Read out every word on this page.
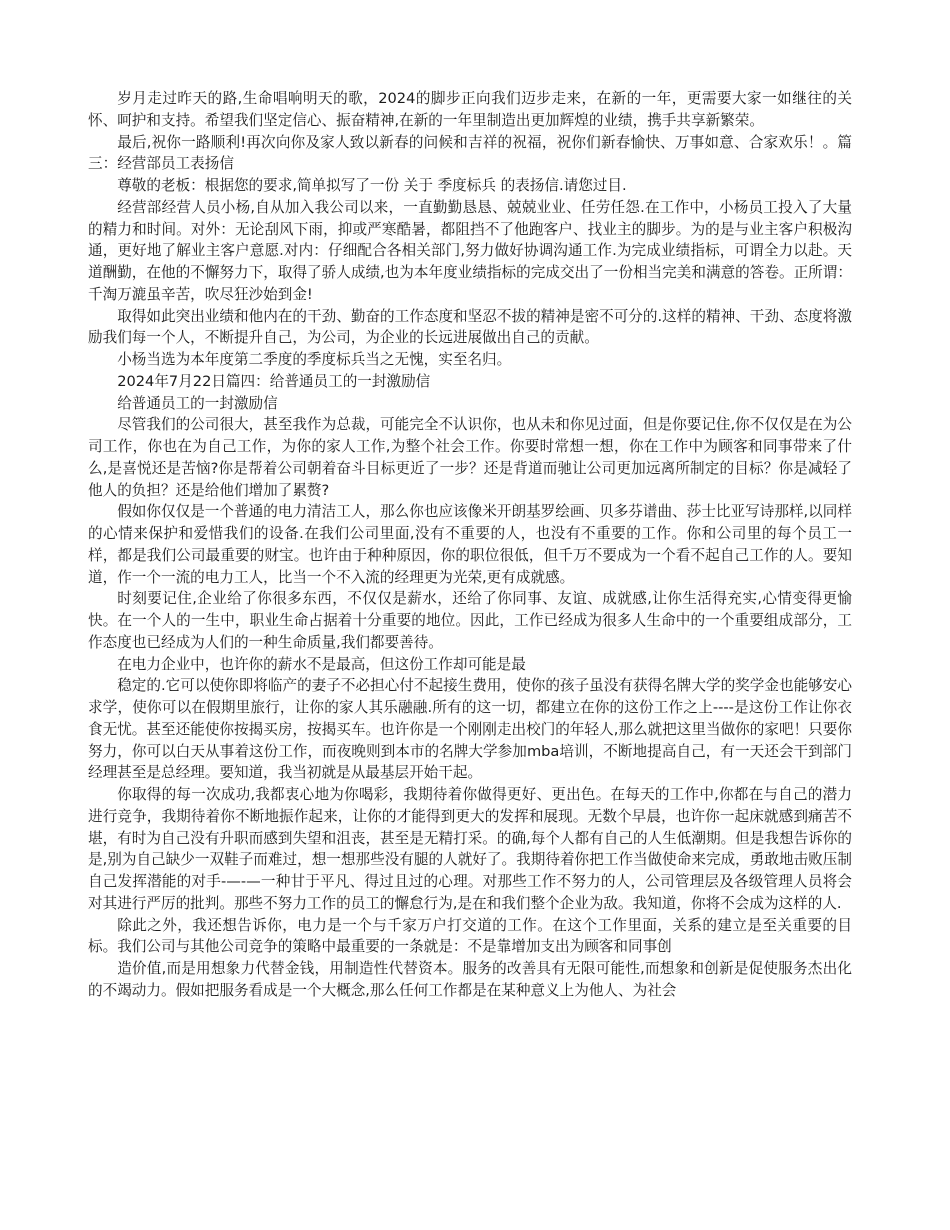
岁月走过昨天的路,生命唱响明天的歌，2024的脚步正向我们迈步走来，在新的一年，更需要大家一如继往的关怀、呵护和支持。希望我们坚定信心、振奋精神,在新的一年里制造出更加辉煌的业绩，携手共享新繁荣。

最后,祝你一路顺利!再次向你及家人致以新春的问候和吉祥的祝福，祝你们新春愉快、万事如意、合家欢乐！。篇三：经营部员工表扬信

尊敬的老板：根据您的要求,简单拟写了一份 关于 季度标兵 的表扬信.请您过目.

经营部经营人员小杨,自从加入我公司以来，一直勤勤恳恳、兢兢业业、任劳任怨.在工作中，小杨员工投入了大量的精力和时间。对外：无论刮风下雨，抑或严寒酷暑，都阻挡不了他跑客户、找业主的脚步。为的是与业主客户积极沟通，更好地了解业主客户意愿.对内：仔细配合各相关部门,努力做好协调沟通工作.为完成业绩指标，可谓全力以赴。天道酬勤，在他的不懈努力下，取得了骄人成绩,也为本年度业绩指标的完成交出了一份相当完美和满意的答卷。正所谓：千淘万漉虽辛苦，吹尽狂沙始到金!

取得如此突出业绩和他内在的干劲、勤奋的工作态度和坚忍不拔的精神是密不可分的.这样的精神、干劲、态度将激励我们每一个人，不断提升自己，为公司，为企业的长远进展做出自己的贡献。

小杨当选为本年度第二季度的季度标兵当之无愧，实至名归。

2024年7月22日篇四：给普通员工的一封激励信

给普通员工的一封激励信

尽管我们的公司很大，甚至我作为总裁，可能完全不认识你，也从未和你见过面，但是你要记住,你不仅仅是在为公司工作，你也在为自己工作，为你的家人工作,为整个社会工作。你要时常想一想，你在工作中为顾客和同事带来了什么,是喜悦还是苦恼?你是帮着公司朝着奋斗目标更近了一步？还是背道而驰让公司更加远离所制定的目标？你是减轻了他人的负担？还是给他们增加了累赘?

假如你仅仅是一个普通的电力清洁工人，那么你也应该像米开朗基罗绘画、贝多芬谱曲、莎士比亚写诗那样,以同样的心情来保护和爱惜我们的设备.在我们公司里面,没有不重要的人，也没有不重要的工作。你和公司里的每个员工一样，都是我们公司最重要的财宝。也许由于种种原因，你的职位很低，但千万不要成为一个看不起自己工作的人。要知道，作一个一流的电力工人，比当一个不入流的经理更为光荣,更有成就感。

时刻要记住,企业给了你很多东西，不仅仅是薪水，还给了你同事、友谊、成就感,让你生活得充实,心情变得更愉快。在一个人的一生中，职业生命占据着十分重要的地位。因此，工作已经成为很多人生命中的一个重要组成部分，工作态度也已经成为人们的一种生命质量,我们都要善待。

在电力企业中，也许你的薪水不是最高，但这份工作却可能是最

稳定的.它可以使你即将临产的妻子不必担心付不起接生费用，使你的孩子虽没有获得名牌大学的奖学金也能够安心求学，使你可以在假期里旅行，让你的家人其乐融融.所有的这一切，都建立在你的这份工作之上----是这份工作让你衣食无忧。甚至还能使你按揭买房，按揭买车。也许你是一个刚刚走出校门的年轻人,那么就把这里当做你的家吧！只要你努力，你可以白天从事着这份工作，而夜晚则到本市的名牌大学参加mba培训，不断地提高自己，有一天还会干到部门经理甚至是总经理。要知道，我当初就是从最基层开始干起。

你取得的每一次成功,我都衷心地为你喝彩，我期待着你做得更好、更出色。在每天的工作中,你都在与自己的潜力进行竞争，我期待着你不断地振作起来，让你的才能得到更大的发挥和展现。无数个早晨，也许你一起床就感到痛苦不堪，有时为自己没有升职而感到失望和沮丧，甚至是无精打采。的确,每个人都有自己的人生低潮期。但是我想告诉你的是,别为自己缺少一双鞋子而难过，想一想那些没有腿的人就好了。我期待着你把工作当做使命来完成，勇敢地击败压制自己发挥潜能的对手-—-—一种甘于平凡、得过且过的心理。对那些工作不努力的人，公司管理层及各级管理人员将会对其进行严厉的批判。那些不努力工作的员工的懈怠行为,是在和我们整个企业为敌。我知道，你将不会成为这样的人.

除此之外，我还想告诉你，电力是一个与千家万户打交道的工作。在这个工作里面，关系的建立是至关重要的目标。我们公司与其他公司竞争的策略中最重要的一条就是：不是靠增加支出为顾客和同事创

造价值,而是用想象力代替金钱，用制造性代替资本。服务的改善具有无限可能性,而想象和创新是促使服务杰出化的不竭动力。假如把服务看成是一个大概念,那么任何工作都是在某种意义上为他人、为社会
